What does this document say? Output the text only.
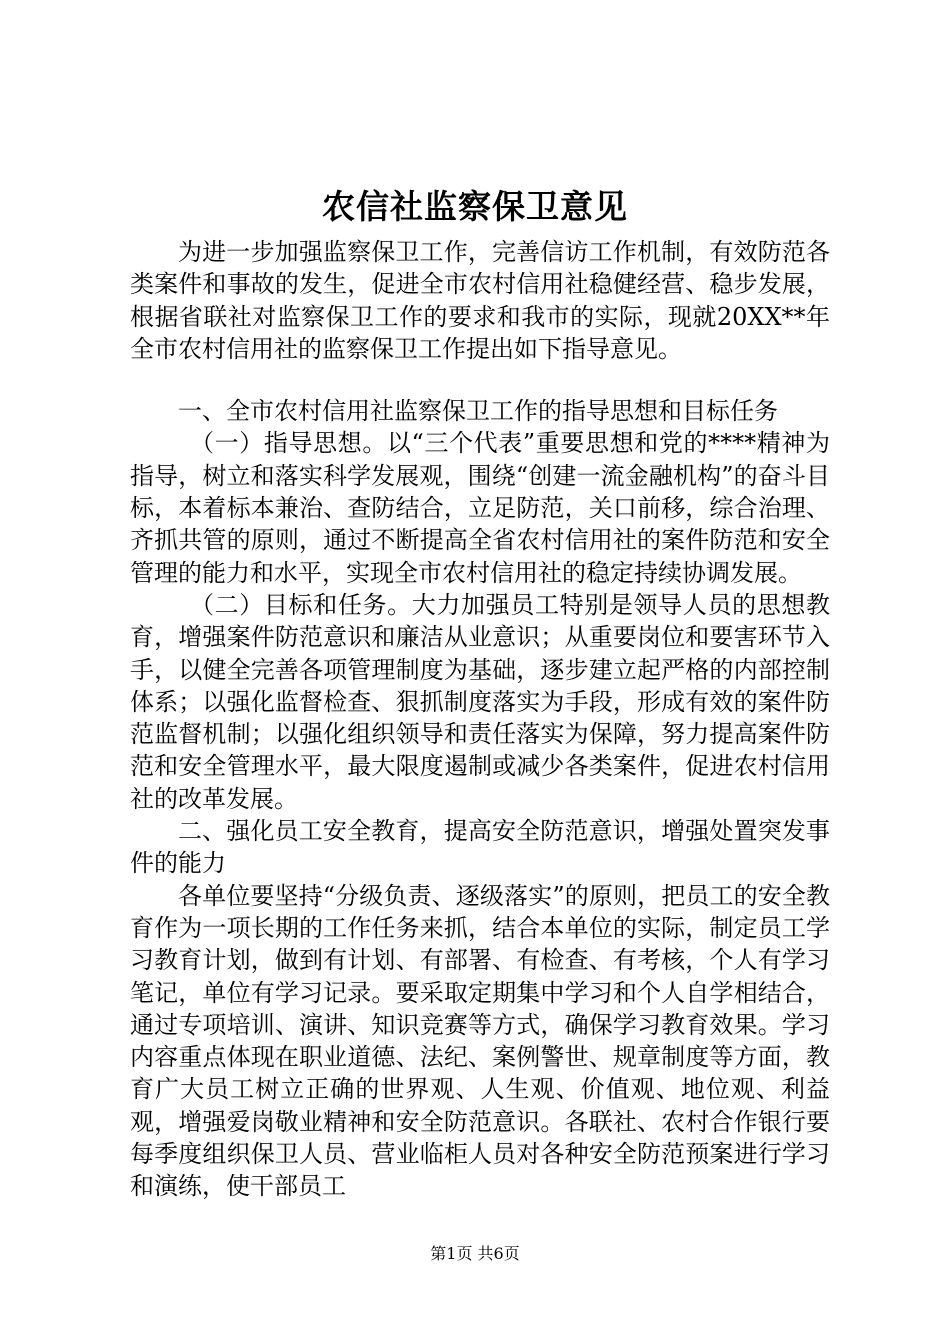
农信社监察保卫意见

为进一步加强监察保卫工作，完善信访工作机制，有效防范各类案件和事故的发生，促进全市农村信用社稳健经营、稳步发展，根据省联社对监察保卫工作的要求和我市的实际，现就20XX**年全市农村信用社的监察保卫工作提出如下指导意见。

一、全市农村信用社监察保卫工作的指导思想和目标任务

（一）指导思想。以“三个代表”重要思想和党的****精神为指导，树立和落实科学发展观，围绕“创建一流金融机构”的奋斗目标，本着标本兼治、查防结合，立足防范，关口前移，综合治理、齐抓共管的原则，通过不断提高全省农村信用社的案件防范和安全管理的能力和水平，实现全市农村信用社的稳定持续协调发展。

（二）目标和任务。大力加强员工特别是领导人员的思想教育，增强案件防范意识和廉洁从业意识；从重要岗位和要害环节入手，以健全完善各项管理制度为基础，逐步建立起严格的内部控制体系；以强化监督检查、狠抓制度落实为手段，形成有效的案件防范监督机制；以强化组织领导和责任落实为保障，努力提高案件防范和安全管理水平，最大限度遏制或减少各类案件，促进农村信用社的改革发展。

二、强化员工安全教育，提高安全防范意识，增强处置突发事件的能力

各单位要坚持“分级负责、逐级落实”的原则，把员工的安全教育作为一项长期的工作任务来抓，结合本单位的实际，制定员工学习教育计划，做到有计划、有部署、有检查、有考核，个人有学习笔记，单位有学习记录。要采取定期集中学习和个人自学相结合，通过专项培训、演讲、知识竞赛等方式，确保学习教育效果。学习内容重点体现在职业道德、法纪、案例警世、规章制度等方面，教育广大员工树立正确的世界观、人生观、价值观、地位观、利益观，增强爱岗敬业精神和安全防范意识。各联社、农村合作银行要每季度组织保卫人员、营业临柜人员对各种安全防范预案进行学习和演练，使干部员工

第1页 共6页
